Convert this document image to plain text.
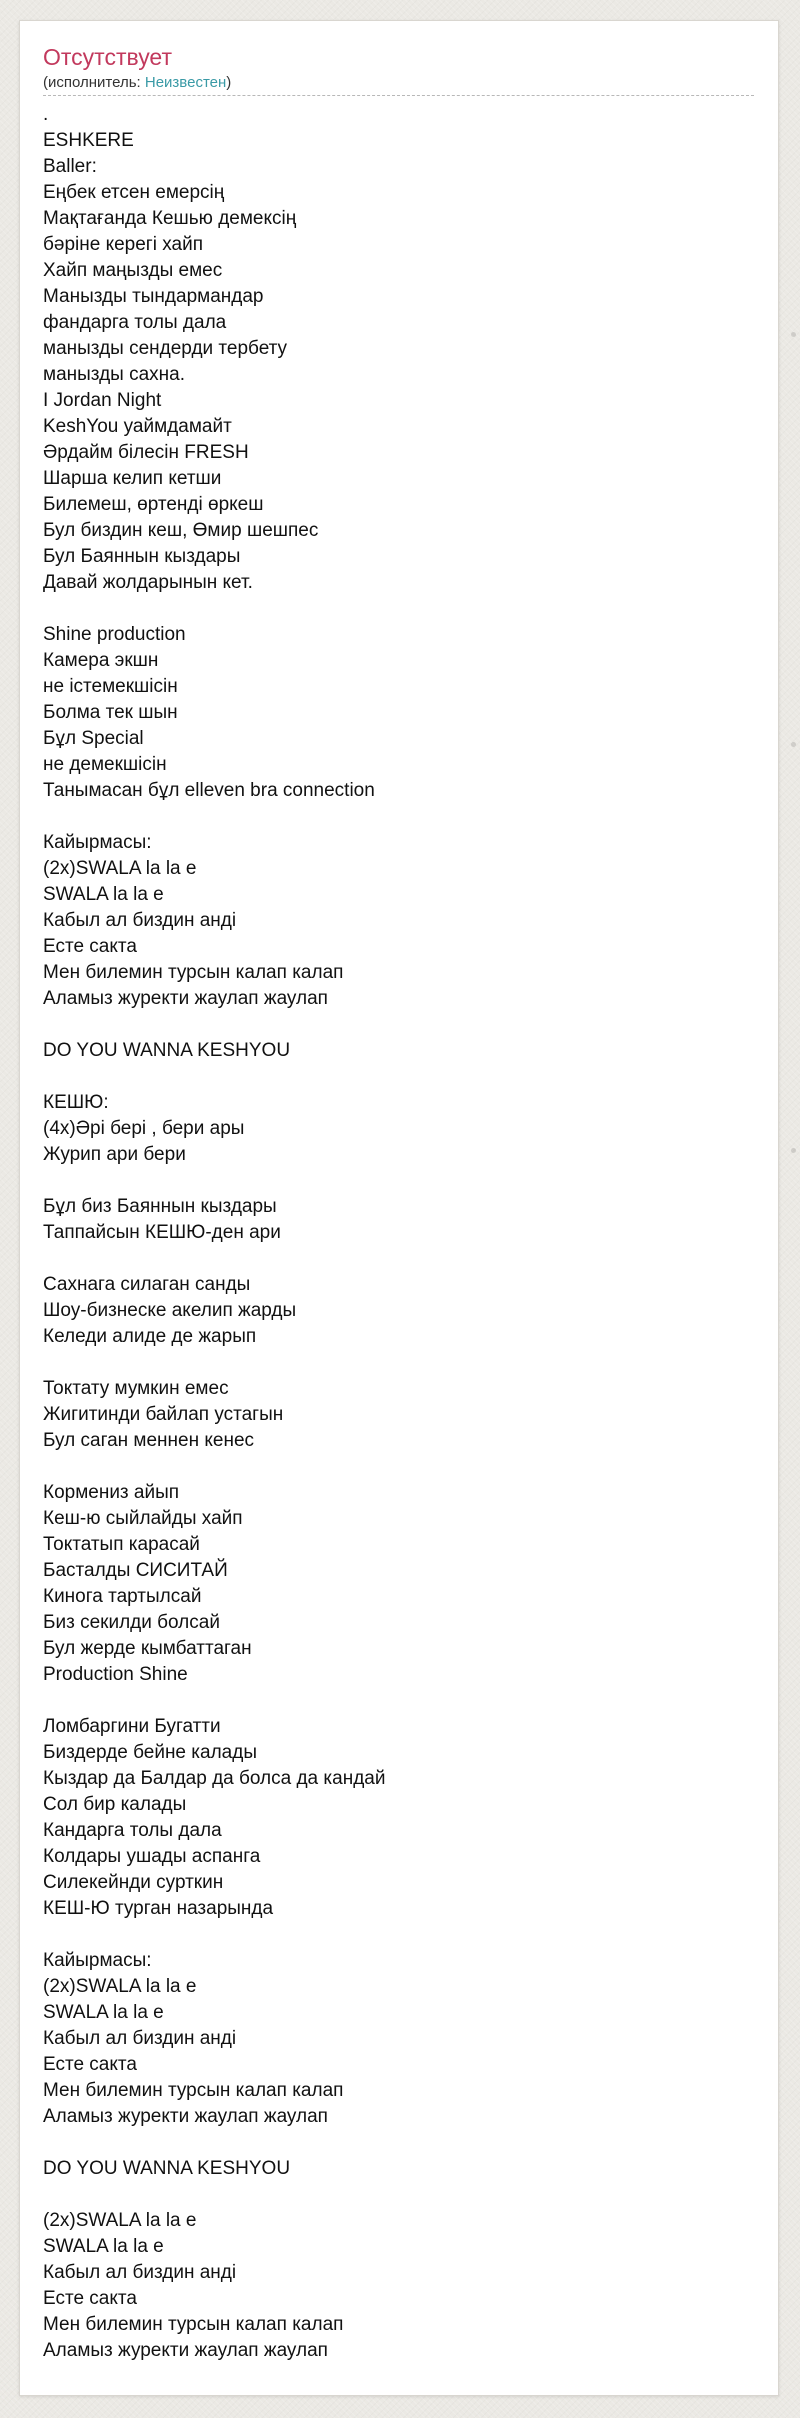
Отсутствует
(исполнитель: Неизвестен)
.
ESHKERE
Baller:
Еңбек етсен емерсің
Мақтағанда Кешью демексің
бәріне керегі хайп
Хайп маңызды емес
Манызды тындармандар
фандарга толы дала
манызды сендерди тербету
манызды сахна.
I Jordan Night
KeshYou уаймдамайт
Әрдайм білесін FRESH
Шарша келип кетши
Билемеш, өртенді өркеш
Бул биздин кеш, Өмир шешпес
Бул Баяннын кыздары
Давай жолдарынын кет.
Shine production
Камера экшн
не істемекшісін
Болма тек шын
Бұл Special
не демекшісін
Танымасан бұл elleven bra connection
Кайырмасы:
(2x)SWALA la la e
SWALA la la e
Кабыл ал биздин анді
Есте сакта
Мен билемин турсын калап калап
Аламыз журекти жаулап жаулап
DO YOU WANNA KESHYOU
КЕШЮ:
(4x)Әрі бері , бери ары
Журип ари бери
Бұл биз Баяннын кыздары
Таппайсын КЕШЮ-ден ари
Сахнага силаган санды
Шоу-бизнеске акелип жарды
Келеди алиде де жарып
Токтату мумкин емес
Жигитинди байлап устагын
Бул саган меннен кенес
Кормениз айып
Кеш-ю сыйлайды хайп
Токтатып карасай
Басталды СИСИТАЙ
Кинога тартылсай
Биз секилди болсай
Бул жерде кымбаттаган
Production Shine
Ломбаргини Бугатти
Биздерде бейне калады
Кыздар да Балдар да болса да кандай
Сол бир калады
Кандарга толы дала
Колдары ушады аспанга
Силекейнди сурткин
КЕШ-Ю турган назарында
Кайырмасы:
(2x)SWALA la la e
SWALA la la e
Кабыл ал биздин анді
Есте сакта
Мен билемин турсын калап калап
Аламыз журекти жаулап жаулап
DO YOU WANNA KESHYOU
(2x)SWALA la la e
SWALA la la e
Кабыл ал биздин анді
Есте сакта
Мен билемин турсын калап калап
Аламыз журекти жаулап жаулап
